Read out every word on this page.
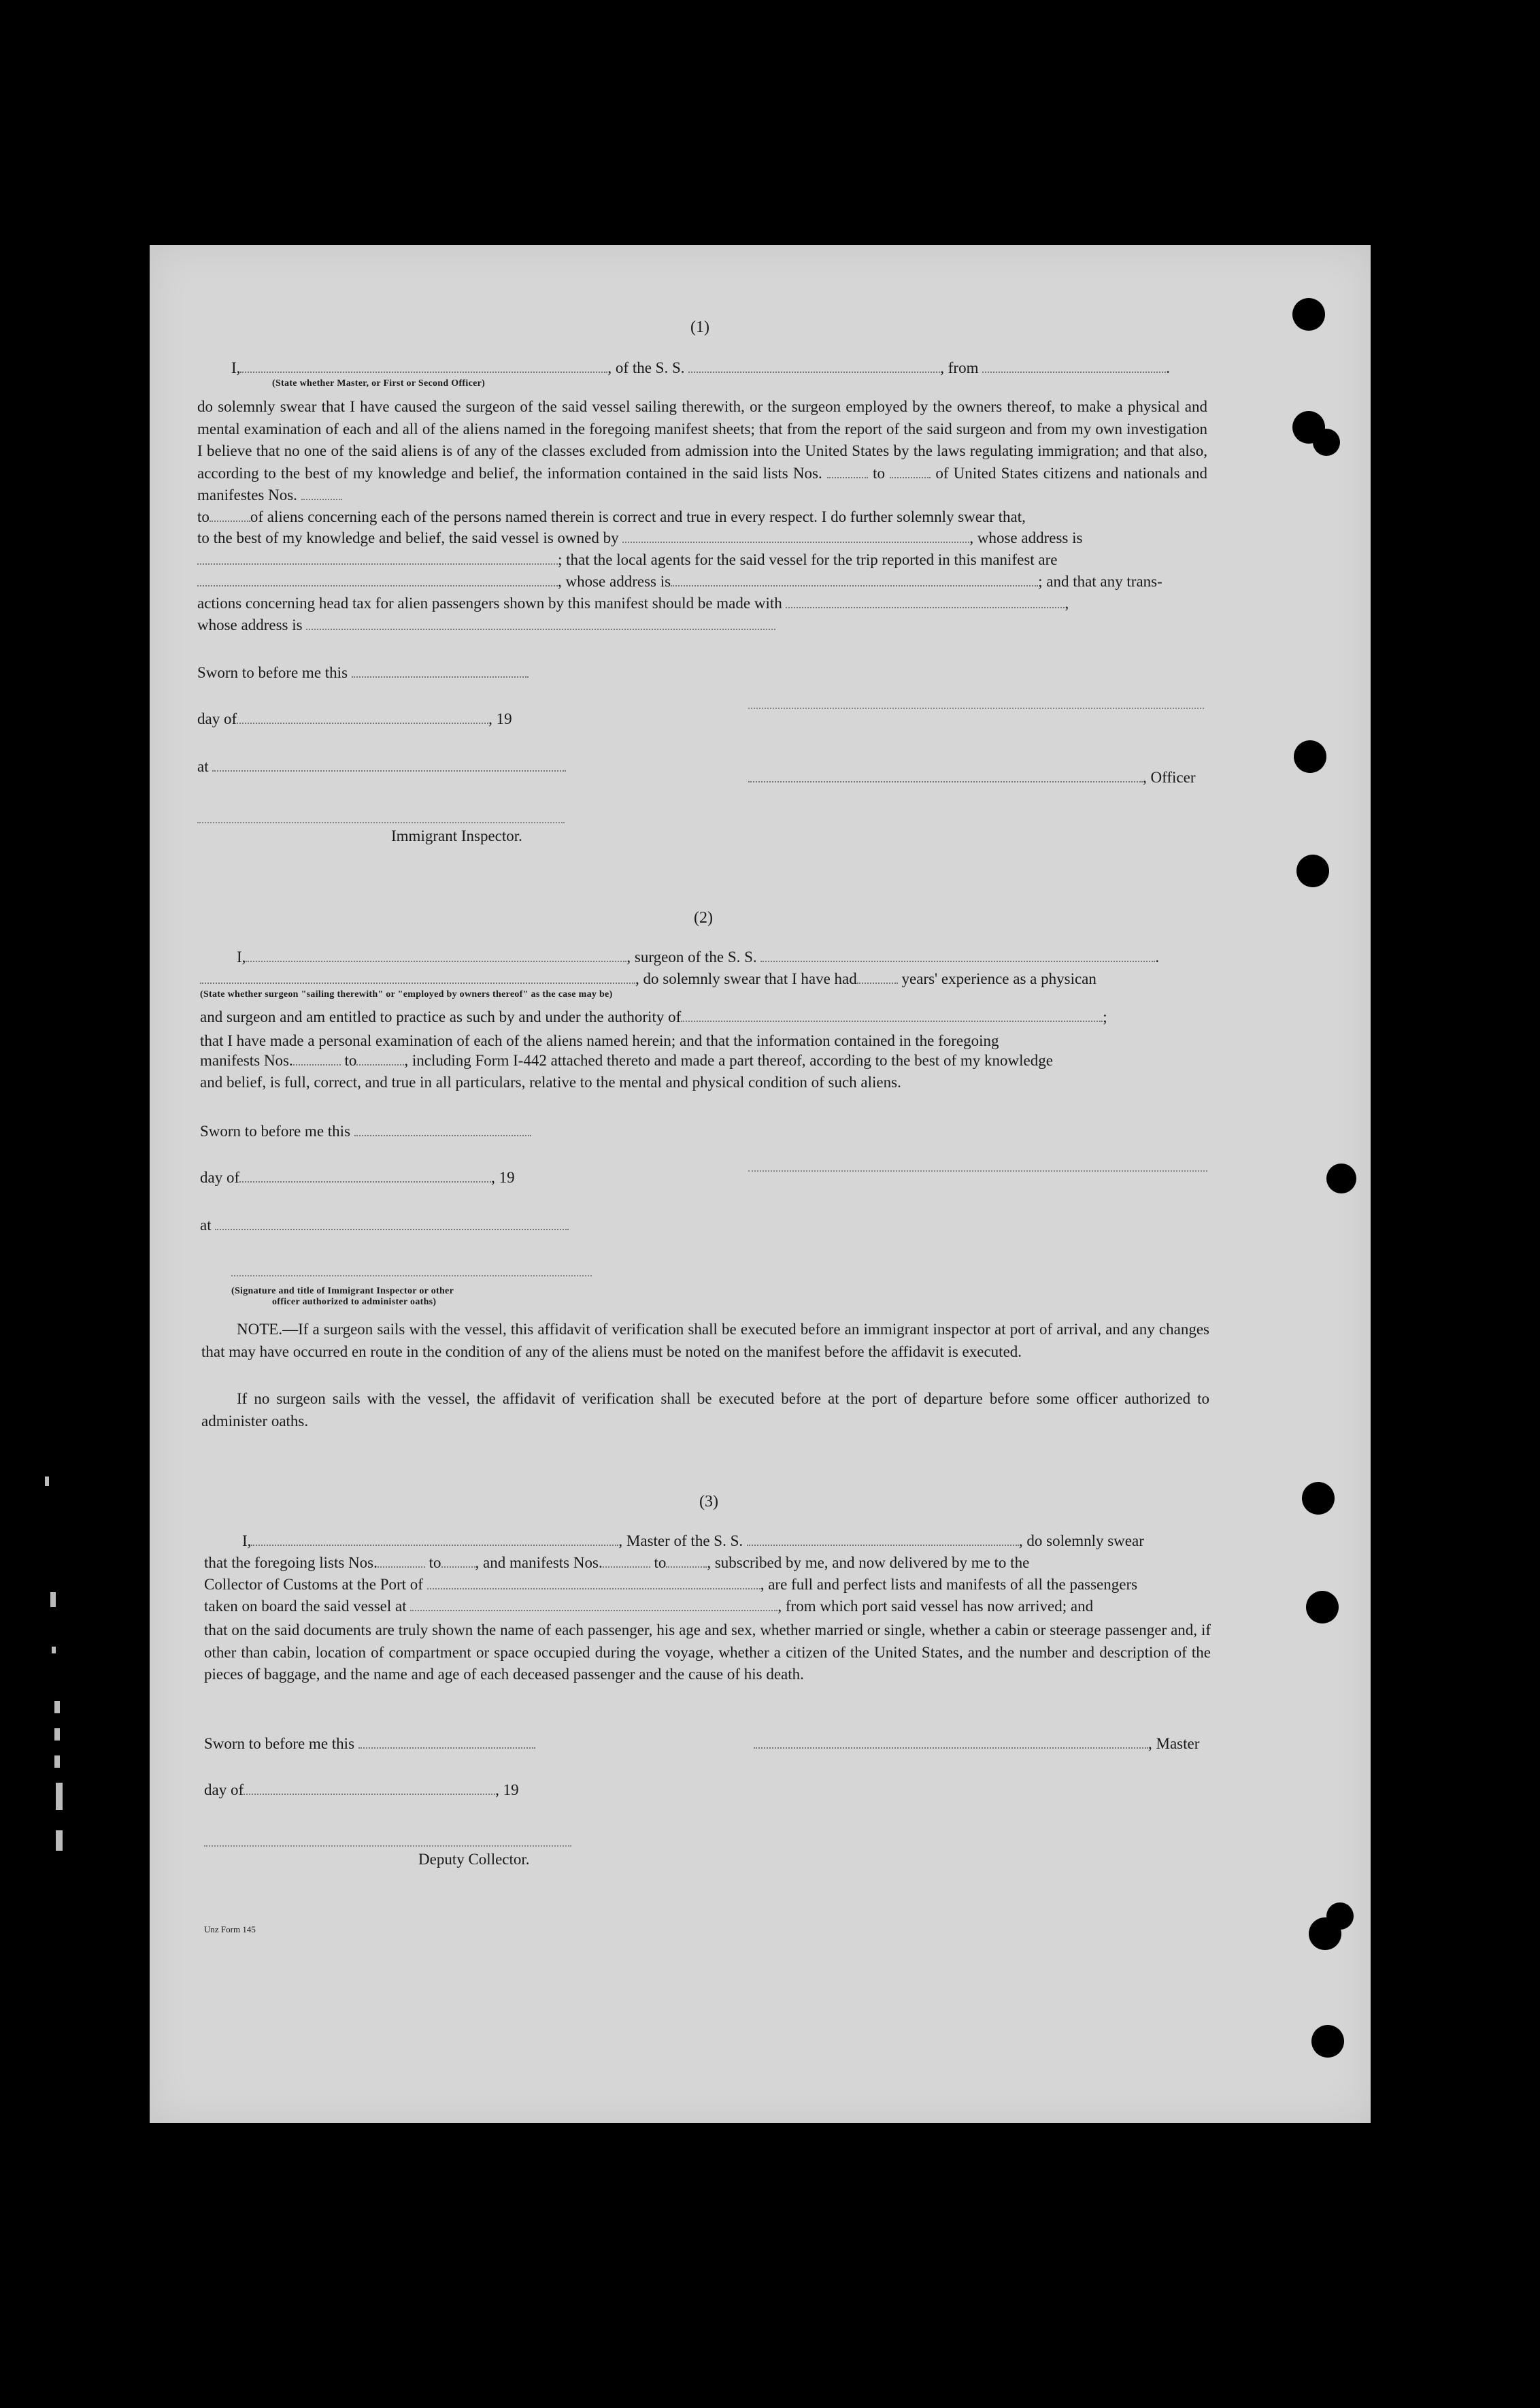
(1)
I,	, of the S. S.	, from	.
(State whether Master, or First or Second Officer)
do solemnly swear that I have caused the surgeon of the said vessel sailing therewith, or the surgeon employed by the owners thereof, to make a physical and mental examination of each and all of the aliens named in the foregoing manifest sheets; that from the report of the said surgeon and from my own investigation I believe that no one of the said aliens is of any of the classes excluded from admission into the United States by the laws regulating immigration; and that also, according to the best of my knowledge and belief, the information contained in the said lists Nos.	to	of United States citizens and nationals and manifestes Nos.
to	of aliens concerning each of the persons named therein is correct and true in every respect. I do further solemnly swear that,
to the best of my knowledge and belief, the said vessel is owned by	, whose address is
; that the local agents for the said vessel for the trip reported in this manifest are
, whose address is	; and that any trans-
actions concerning head tax for alien passengers shown by this manifest should be made with	,
whose address is
Sworn to before me this
day of	, 19
at
, Officer
Immigrant Inspector.
(2)
I,	, surgeon of the S. S.	.
, do solemnly swear that I have had	years' experience as a physican
(State whether surgeon "sailing therewith" or "employed by owners thereof" as the case may be)
and surgeon and am entitled to practice as such by and under the authority of	;
that I have made a personal examination of each of the aliens named herein; and that the information contained in the foregoing
manifests Nos.	to	, including Form I-442 attached thereto and made a part thereof, according to the best of my knowledge
and belief, is full, correct, and true in all particulars, relative to the mental and physical condition of such aliens.
Sworn to before me this
day of	, 19
at
(Signature and title of Immigrant Inspector or other
officer authorized to administer oaths)
NOTE.—If a surgeon sails with the vessel, this affidavit of verification shall be executed before an immigrant inspector at port of arrival, and any changes that may have occurred en route in the condition of any of the aliens must be noted on the manifest before the affidavit is executed.
If no surgeon sails with the vessel, the affidavit of verification shall be executed before at the port of departure before some officer authorized to administer oaths.
(3)
I,	, Master of the S. S.	, do solemnly swear
that the foregoing lists Nos.	to , and manifests Nos.	to	, subscribed by me, and now delivered by me to the
Collector of Customs at the Port of	, are full and perfect lists and manifests of all the passengers
taken on board the said vessel at	, from which port said vessel has now arrived; and
that on the said documents are truly shown the name of each passenger, his age and sex, whether married or single, whether a cabin or steerage passenger and, if other than cabin, location of compartment or space occupied during the voyage, whether a citizen of the United States, and the number and description of the pieces of baggage, and the name and age of each deceased passenger and the cause of his death.
Sworn to before me this	, Master
day of	, 19
Deputy Collector.
Unz Form 145
